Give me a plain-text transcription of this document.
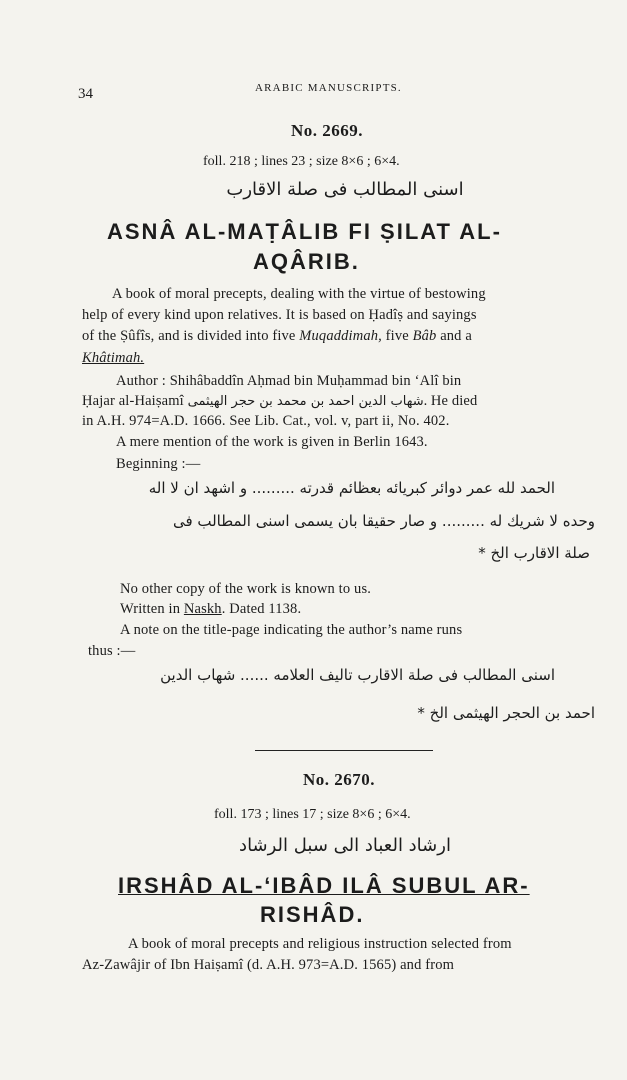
34	ARABIC MANUSCRIPTS.
No. 2669.
foll. 218 ; lines 23 ; size 8×6 ; 6×4.
اسنى المطالب فى صلة الاقارب
ASNÂ AL-MAṬÂLIB FI ṢILAT AL-
AQÂRIB.
A book of moral precepts, dealing with the virtue of bestowing
help of every kind upon relatives. It is based on Ḥadîṣ and sayings
of the Ṣûfîs, and is divided into five Muqaddimah, five Bâb and a
Khâtimah.
Author : Shihâbaddîn Aḥmad bin Muḥammad bin ‘Alî bin
Ḥajar al-Haiṣamî شهاب الدين احمد بن محمد بن حجر الهيثمى. He died
in A.H. 974=A.D. 1666. See Lib. Cat., vol. v, part ii, No. 402.
A mere mention of the work is given in Berlin 1643.
Beginning :—
الحمد لله عمر دوائر كبريائه بعظائم قدرته ......... و اشهد ان لا اله
وحده لا شريك له ......... و صار حقيقا بان يسمى اسنى المطالب فى
صلة الاقارب الخ *
No other copy of the work is known to us.
Written in Naskh. Dated 1138.
A note on the title-page indicating the author’s name runs
thus :—
اسنى المطالب فى صلة الاقارب تاليف العلامه ...... شهاب الدين
احمد بن الحجر الهيثمى الخ *
No. 2670.
foll. 173 ; lines 17 ; size 8×6 ; 6×4.
ارشاد العباد الى سبل الرشاد
IRSHÂD AL-‘IBÂD ILÂ SUBUL AR-
RISHÂD.
A book of moral precepts and religious instruction selected from
Az-Zawâjir of Ibn Haiṣamî (d. A.H. 973=A.D. 1565) and from
